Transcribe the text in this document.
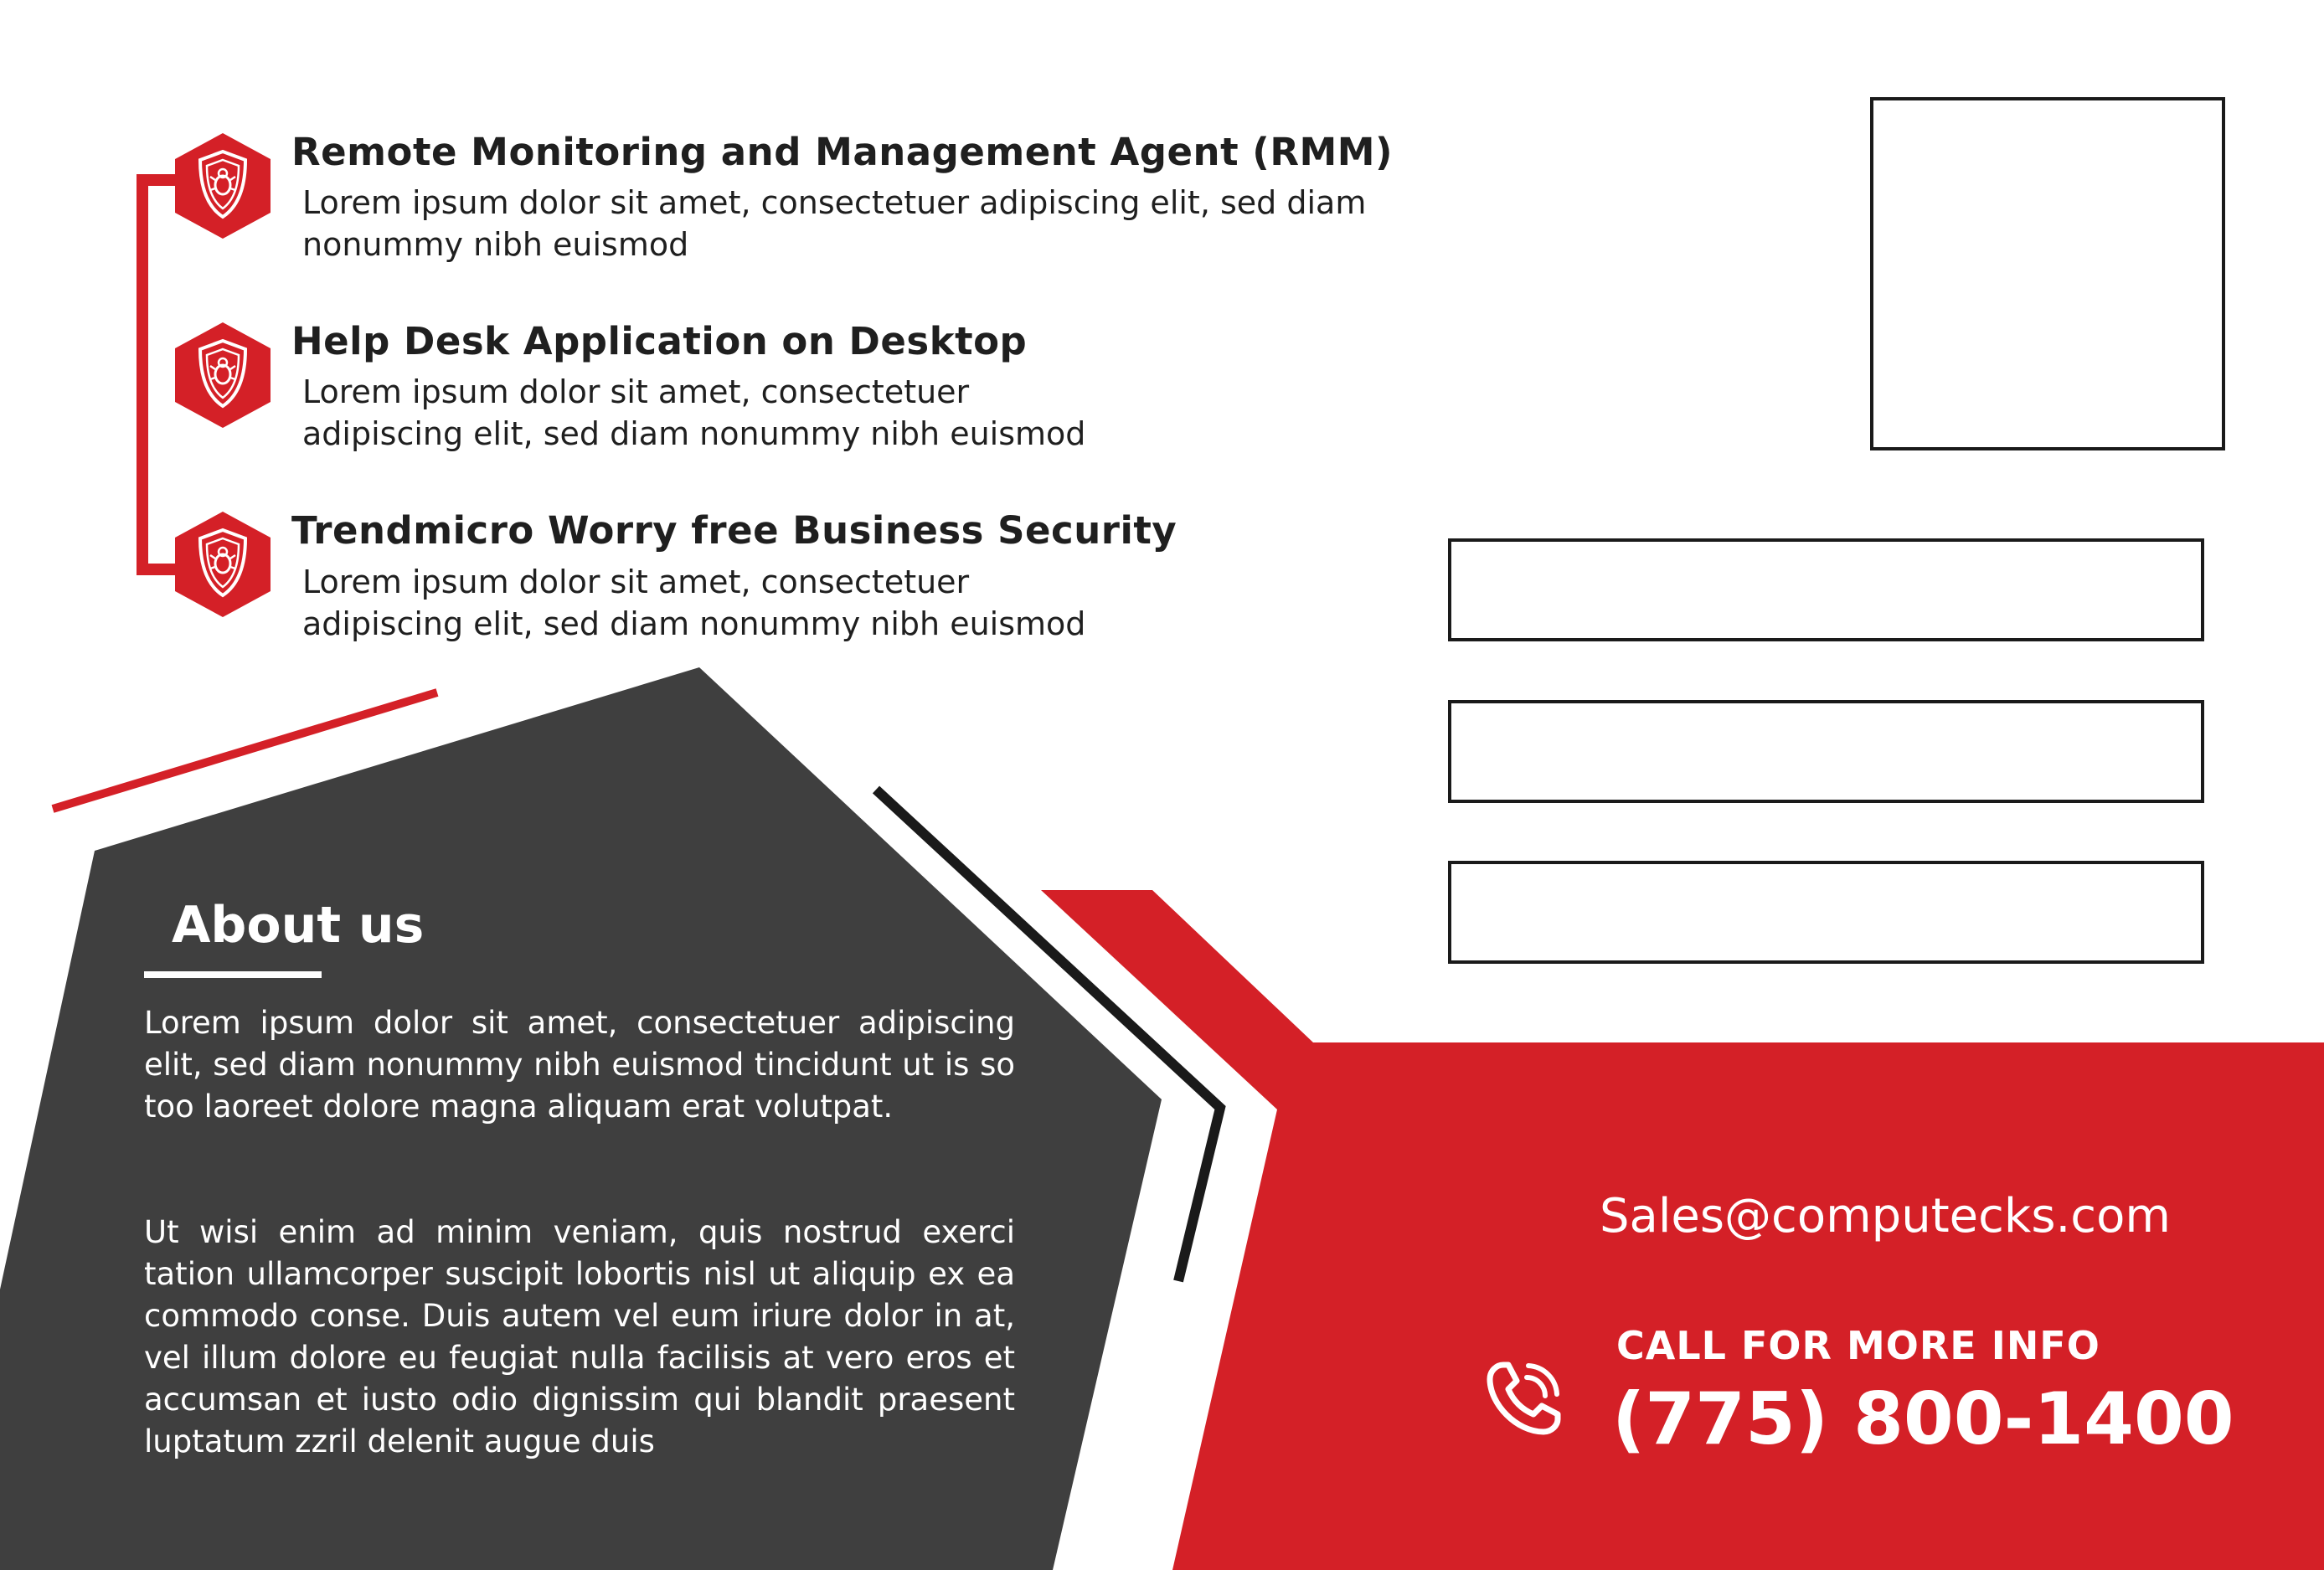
Remote Monitoring and Management Agent (RMM)
Lorem ipsum dolor sit amet, consectetuer adipiscing elit, sed diam
nonummy nibh euismod
Help Desk Application on Desktop
Lorem ipsum dolor sit amet, consectetuer
adipiscing elit, sed diam nonummy nibh euismod
Trendmicro Worry free Business Security
Lorem ipsum dolor sit amet, consectetuer
adipiscing elit, sed diam nonummy nibh euismod
About us
Lorem ipsum dolor sit amet, consectetuer adipiscing elit, sed diam nonummy nibh euismod tincidunt ut is so too laoreet dolore magna aliquam erat volutpat.
Ut wisi enim ad minim veniam, quis nostrud exerci tation ullamcorper suscipit lobortis nisl ut aliquip ex ea commodo conse. Duis autem vel eum iriure dolor in at, vel illum dolore eu feugiat nulla facilisis at vero eros et accumsan et iusto odio dignissim qui blandit praesent luptatum zzril delenit augue duis
Sales@computecks.com
CALL FOR MORE INFO
(775) 800-1400
